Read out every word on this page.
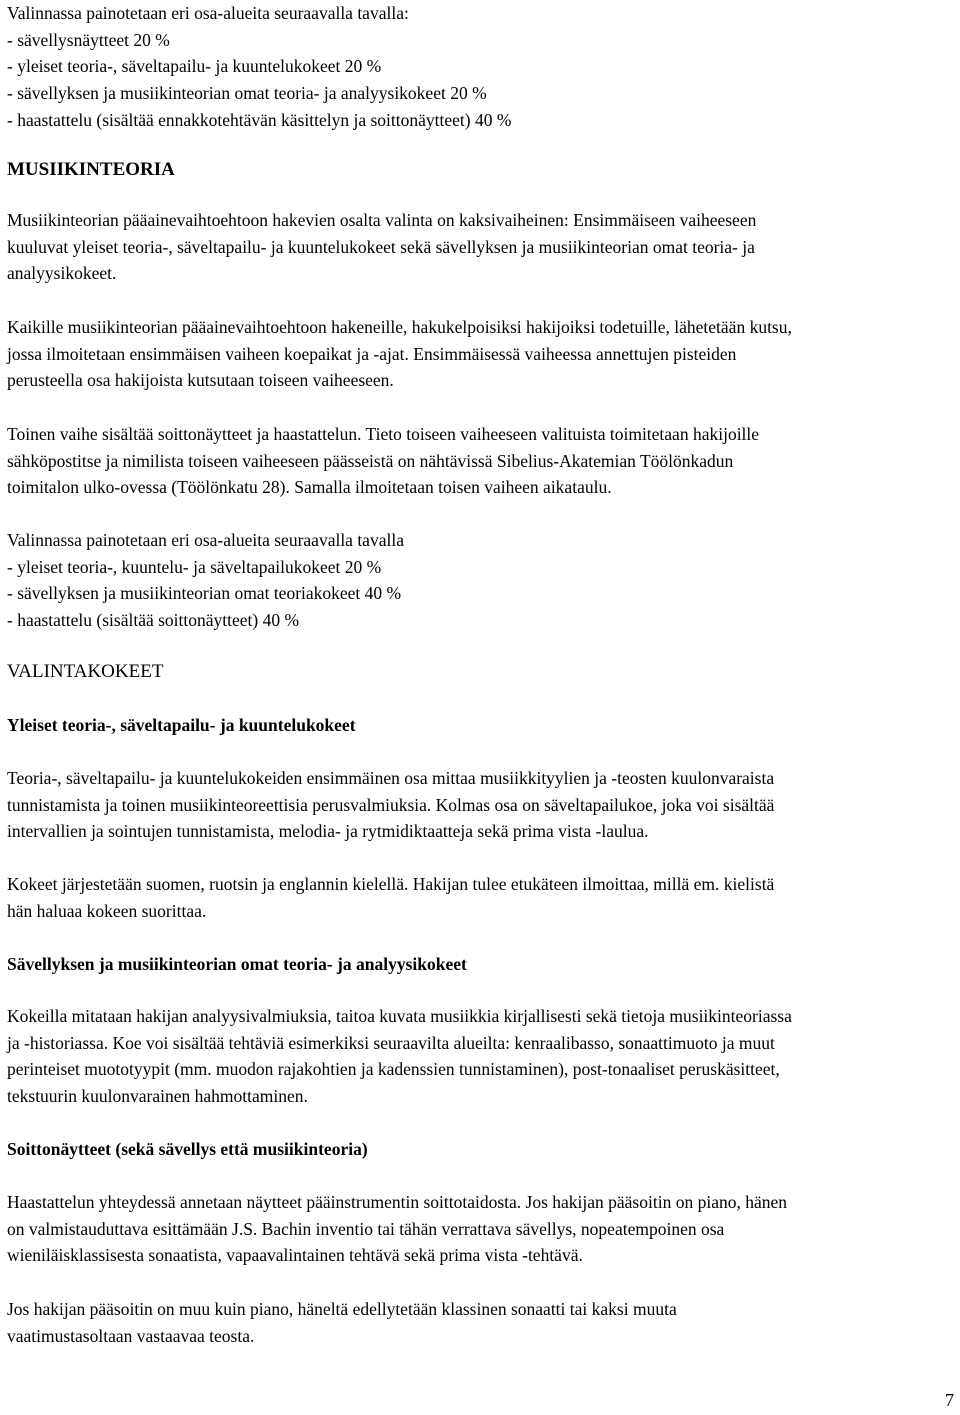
Valinnassa painotetaan eri osa-alueita seuraavalla tavalla:
- sävellysnäytteet 20 %
- yleiset teoria-, säveltapailu- ja kuuntelukokeet 20 %
- sävellyksen ja musiikinteorian omat teoria- ja analyysikokeet 20 %
- haastattelu (sisältää ennakkotehtävän käsittelyn ja soittonäytteet) 40 %
MUSIIKINTEORIA
Musiikinteorian pääainevaihtoehtoon hakevien osalta valinta on kaksivaiheinen: Ensimmäiseen vaiheeseen
kuuluvat yleiset teoria-, säveltapailu- ja kuuntelukokeet sekä sävellyksen ja musiikinteorian omat teoria- ja
analyysikokeet.
Kaikille musiikinteorian pääainevaihtoehtoon hakeneille, hakukelpoisiksi hakijoiksi todetuille, lähetetään kutsu,
jossa ilmoitetaan ensimmäisen vaiheen koepaikat ja -ajat. Ensimmäisessä vaiheessa annettujen pisteiden
perusteella osa hakijoista kutsutaan toiseen vaiheeseen.
Toinen vaihe sisältää soittonäytteet ja haastattelun. Tieto toiseen vaiheeseen valituista toimitetaan hakijoille
sähköpostitse ja nimilista toiseen vaiheeseen päässeistä on nähtävissä Sibelius-Akatemian Töölönkadun
toimitalon ulko-ovessa (Töölönkatu 28). Samalla ilmoitetaan toisen vaiheen aikataulu.
Valinnassa painotetaan eri osa-alueita seuraavalla tavalla
- yleiset teoria-, kuuntelu- ja säveltapailukokeet 20 %
- sävellyksen ja musiikinteorian omat teoriakokeet 40 %
- haastattelu (sisältää soittonäytteet) 40 %
VALINTAKOKEET
Yleiset teoria-, säveltapailu- ja kuuntelukokeet
Teoria-, säveltapailu- ja kuuntelukokeiden ensimmäinen osa mittaa musiikkityylien ja -teosten kuulonvaraista
tunnistamista ja toinen musiikinteoreettisia perusvalmiuksia. Kolmas osa on säveltapailukoe, joka voi sisältää
intervallien ja sointujen tunnistamista, melodia- ja rytmidiktaatteja sekä prima vista -laulua.
Kokeet järjestetään suomen, ruotsin ja englannin kielellä. Hakijan tulee etukäteen ilmoittaa, millä em. kielistä
hän haluaa kokeen suorittaa.
Sävellyksen ja musiikinteorian omat teoria- ja analyysikokeet
Kokeilla mitataan hakijan analyysivalmiuksia, taitoa kuvata musiikkia kirjallisesti sekä tietoja musiikinteoriassa
ja -historiassa. Koe voi sisältää tehtäviä esimerkiksi seuraavilta alueilta: kenraalibasso, sonaattimuoto ja muut
perinteiset muototyypit (mm. muodon rajakohtien ja kadenssien tunnistaminen), post-tonaaliset peruskäsitteet,
tekstuurin kuulonvarainen hahmottaminen.
Soittonäytteet (sekä sävellys että musiikinteoria)
Haastattelun yhteydessä annetaan näytteet pääinstrumentin soittotaidosta. Jos hakijan pääsoitin on piano, hänen
on valmistauduttava esittämään J.S. Bachin inventio tai tähän verrattava sävellys, nopeatempoinen osa
wieniläisklassisesta sonaatista, vapaavalintainen tehtävä sekä prima vista -tehtävä.
Jos hakijan pääsoitin on muu kuin piano, häneltä edellytetään klassinen sonaatti tai kaksi muuta
vaatimustasoltaan vastaavaa teosta.
7
